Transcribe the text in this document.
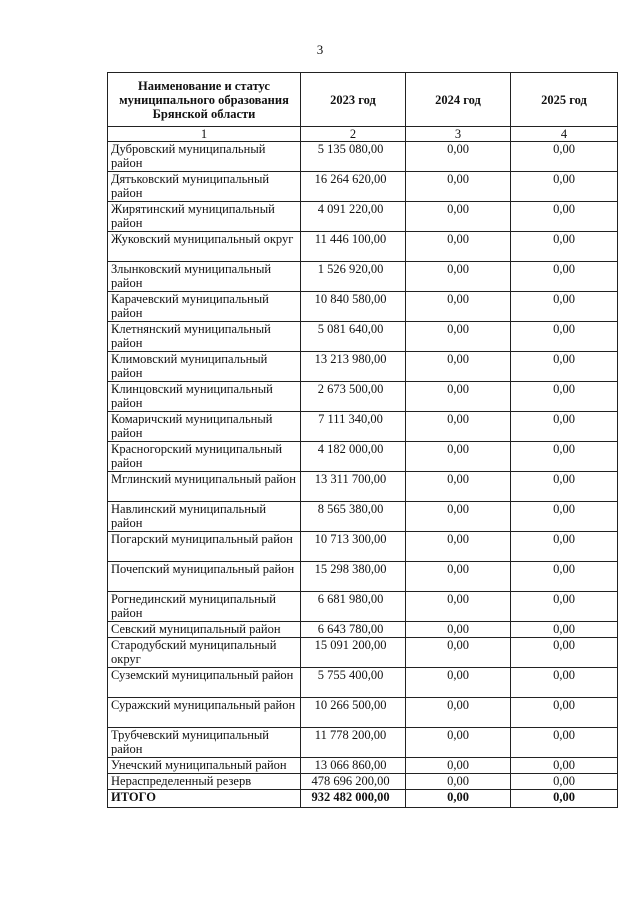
3
Наименование и статус муниципального образования Брянской области	2023 год	2024 год	2025 год
1	2	3	4
Дубровский муниципальный район	5 135 080,00	0,00	0,00
Дятьковский муниципальный район	16 264 620,00	0,00	0,00
Жирятинский муниципальный район	4 091 220,00	0,00	0,00
Жуковский муниципальный округ	11 446 100,00	0,00	0,00
Злынковский муниципальный район	1 526 920,00	0,00	0,00
Карачевский муниципальный район	10 840 580,00	0,00	0,00
Клетнянский муниципальный район	5 081 640,00	0,00	0,00
Климовский муниципальный район	13 213 980,00	0,00	0,00
Клинцовский муниципальный район	2 673 500,00	0,00	0,00
Комаричский муниципальный район	7 111 340,00	0,00	0,00
Красногорский муниципальный район	4 182 000,00	0,00	0,00
Мглинский муниципальный район	13 311 700,00	0,00	0,00
Навлинский муниципальный район	8 565 380,00	0,00	0,00
Погарский муниципальный район	10 713 300,00	0,00	0,00
Почепский муниципальный район	15 298 380,00	0,00	0,00
Рогнединский муниципальный район	6 681 980,00	0,00	0,00
Севский муниципальный район	6 643 780,00	0,00	0,00
Стародубский муниципальный округ	15 091 200,00	0,00	0,00
Суземский муниципальный район	5 755 400,00	0,00	0,00
Суражский муниципальный район	10 266 500,00	0,00	0,00
Трубчевский муниципальный район	11 778 200,00	0,00	0,00
Унечский муниципальный район	13 066 860,00	0,00	0,00
Нераспределенный резерв	478 696 200,00	0,00	0,00
ИТОГО	932 482 000,00	0,00	0,00
